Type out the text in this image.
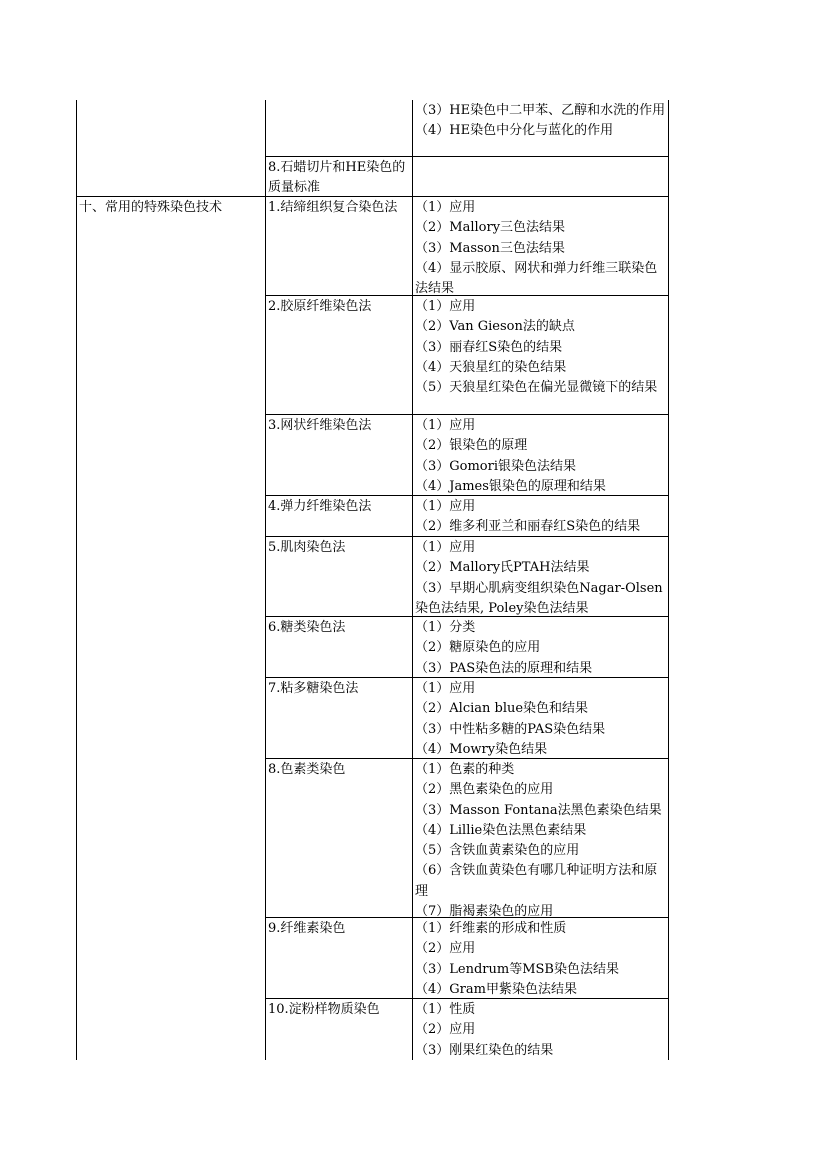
（3）HE染色中二甲苯、乙醇和水洗的作用
（4）HE染色中分化与蓝化的作用
8.石蜡切片和HE染色的质量标准
十、常用的特殊染色技术	1.结缔组织复合染色法	（1）应用
（2）Mallory三色法结果
（3）Masson三色法结果
（4）显示胶原、网状和弹力纤维三联染色法结果
2.胶原纤维染色法	（1）应用
（2）Van Gieson法的缺点
（3）丽春红S染色的结果
（4）天狼星红的染色结果
（5）天狼星红染色在偏光显微镜下的结果
3.网状纤维染色法	（1）应用
（2）银染色的原理
（3）Gomori银染色法结果
（4）James银染色的原理和结果
4.弹力纤维染色法	（1）应用
（2）维多利亚兰和丽春红S染色的结果
5.肌肉染色法	（1）应用
（2）Mallory氏PTAH法结果
（3）早期心肌病变组织染色Nagar-Olsen染色法结果, Poley染色法结果
6.糖类染色法	（1）分类
（2）糖原染色的应用
（3）PAS染色法的原理和结果
7.粘多糖染色法	（1）应用
（2）Alcian blue染色和结果
（3）中性粘多糖的PAS染色结果
（4）Mowry染色结果
8.色素类染色	（1）色素的种类
（2）黑色素染色的应用
（3）Masson Fontana法黑色素染色结果
（4）Lillie染色法黑色素结果
（5）含铁血黄素染色的应用
（6）含铁血黄染色有哪几种证明方法和原理
（7）脂褐素染色的应用
9.纤维素染色	（1）纤维素的形成和性质
（2）应用
（3）Lendrum等MSB染色法结果
（4）Gram甲紫染色法结果
10.淀粉样物质染色	（1）性质
（2）应用
（3）刚果红染色的结果
